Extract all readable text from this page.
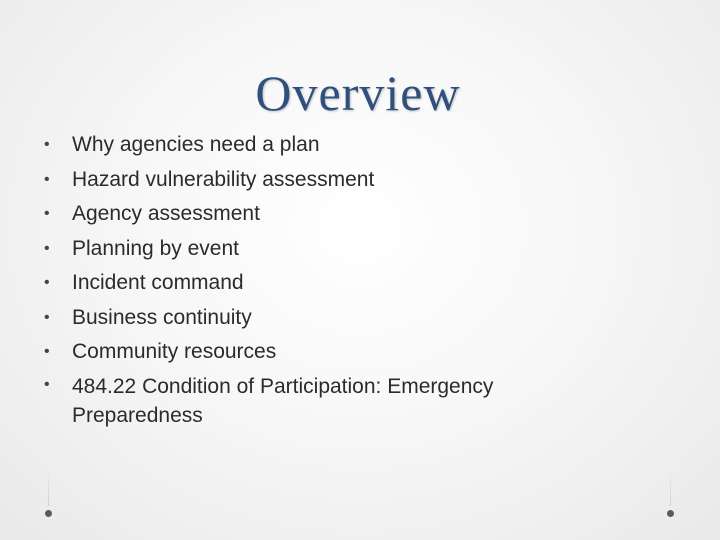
Overview
•	Why agencies need a plan
•	Hazard vulnerability assessment
•	Agency assessment
•	Planning by event
•	Incident command
•	Business continuity
•	Community resources
•	484.22 Condition of Participation: Emergency Preparedness
